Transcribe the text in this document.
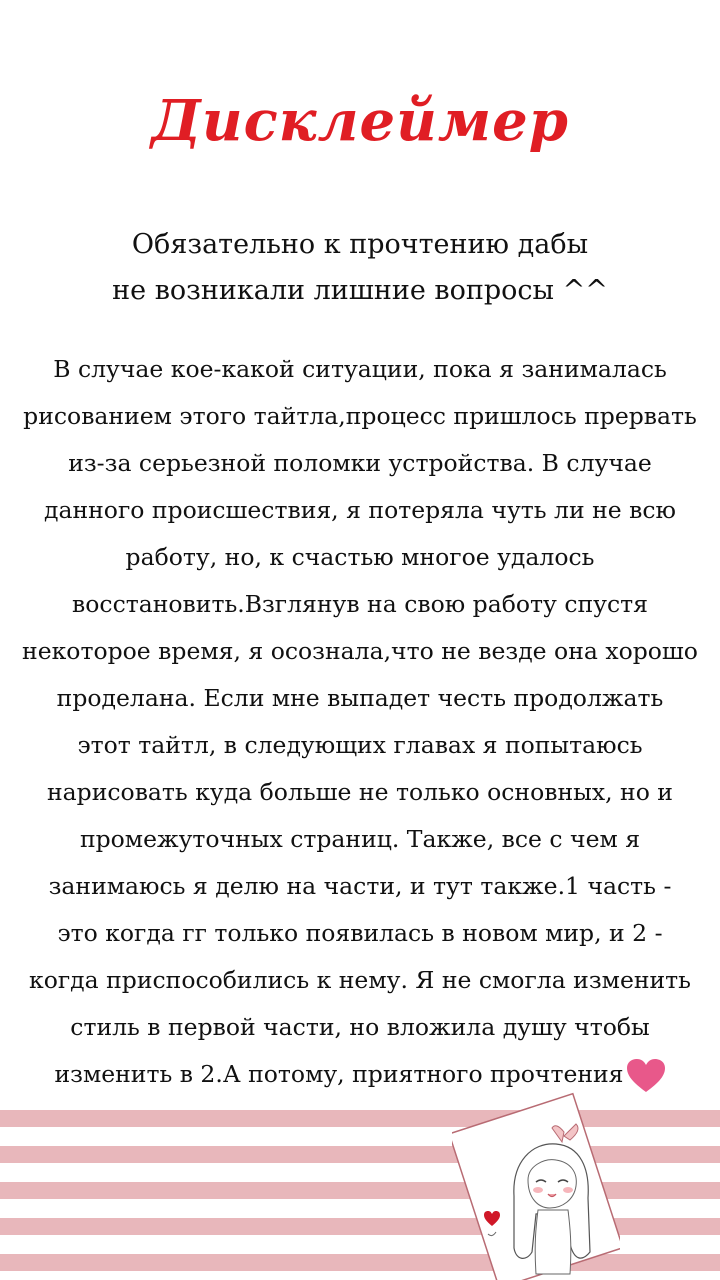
Дисклеймер
Обязательно к прочтению дабы
не возникали лишние вопросы ^^
В случае кое-какой ситуации, пока я занималась
рисованием этого тайтла,процесс пришлось прервать
из-за серьезной поломки устройства. В случае
данного происшествия, я потеряла чуть ли не всю
работу, но, к счастью многое удалось
восстановить.Взглянув на свою работу спустя
некоторое время, я осознала,что не везде она хорошо
проделана. Если мне выпадет честь продолжать
этот тайтл, в следующих главах я попытаюсь
нарисовать куда больше не только основных, но и
промежуточных страниц. Также, все с чем я
занимаюсь я делю на части, и тут также.1 часть -
это когда гг только появилась в новом мир, и 2 -
когда приспособились к нему. Я не смогла изменить
стиль в первой части, но вложила душу чтобы
изменить в 2.А потому, приятного прочтения
